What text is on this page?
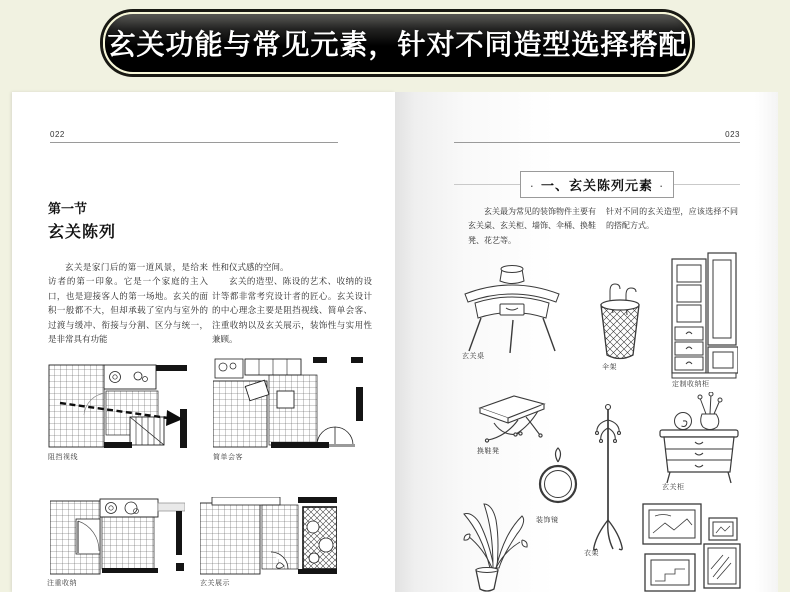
玄关功能与常见元素，针对不同造型选择搭配
022
第一节
玄关陈列

玄关是家门后的第一道风景，是给来访者的第一印象。它是一个家庭的主入口，也是迎接客人的第一场地。玄关的面积一般都不大，但却承载了室内与室外的过渡与缓冲、衔接与分割、区分与统一，是非常具有功能

性和仪式感的空间。

玄关的造型、陈设的艺术、收纳的设计等都非常考究设计者的匠心。玄关设计的中心理念主要是阻挡视线、简单会客、注重收纳以及玄关展示，装饰性与实用性兼顾。

阻挡视线	简单会客
注重收纳	玄关展示
023
· 一、玄关陈列元素 ·

玄关最为常见的装饰物件主要有玄关桌、玄关柜、墙饰、伞桶、换鞋凳、花艺等。

针对不同的玄关造型，应该选择不同的搭配方式。

玄关桌
伞架
定制收纳柜
换鞋凳
衣架
玄关柜
装饰镜
